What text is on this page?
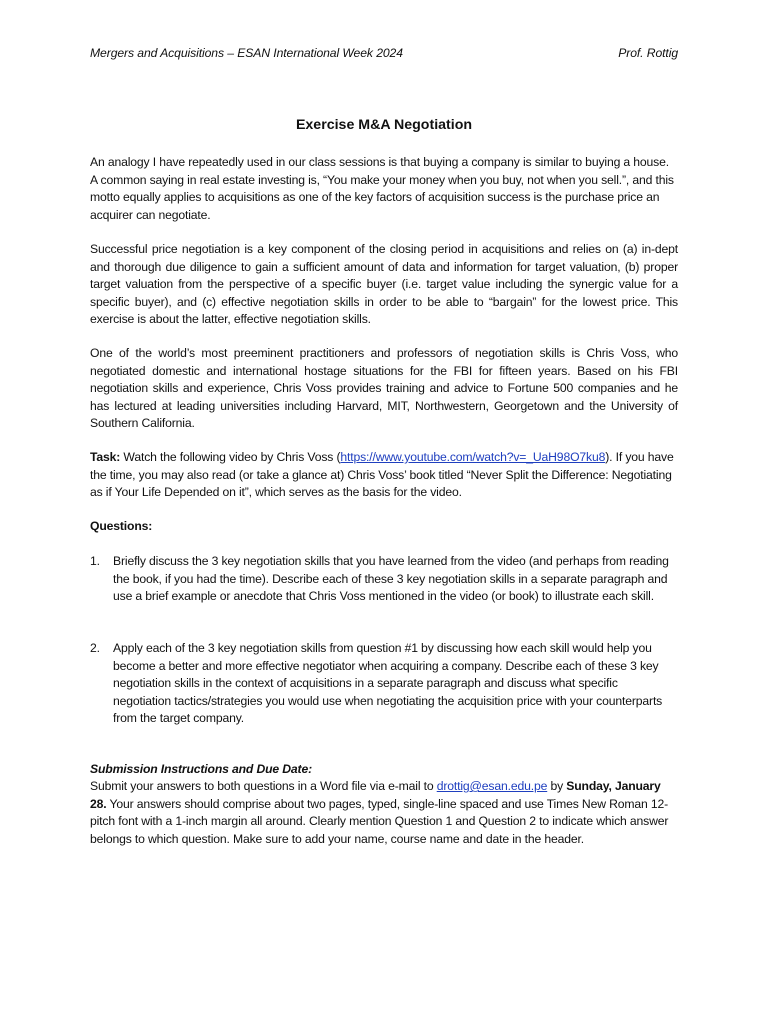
Mergers and Acquisitions – ESAN International Week 2024	Prof. Rottig
Exercise M&A Negotiation

An analogy I have repeatedly used in our class sessions is that buying a company is similar to buying a house. A common saying in real estate investing is, “You make your money when you buy, not when you sell.”, and this motto equally applies to acquisitions as one of the key factors of acquisition success is the purchase price an acquirer can negotiate.

Successful price negotiation is a key component of the closing period in acquisitions and relies on (a) in-dept and thorough due diligence to gain a sufficient amount of data and information for target valuation, (b) proper target valuation from the perspective of a specific buyer (i.e. target value including the synergic value for a specific buyer), and (c) effective negotiation skills in order to be able to “bargain” for the lowest price. This exercise is about the latter, effective negotiation skills.

One of the world’s most preeminent practitioners and professors of negotiation skills is Chris Voss, who negotiated domestic and international hostage situations for the FBI for fifteen years. Based on his FBI negotiation skills and experience, Chris Voss provides training and advice to Fortune 500 companies and he has lectured at leading universities including Harvard, MIT, Northwestern, Georgetown and the University of Southern California.

Task: Watch the following video by Chris Voss (https://www.youtube.com/watch?v=_UaH98O7ku8). If you have the time, you may also read (or take a glance at) Chris Voss’ book titled “Never Split the Difference: Negotiating as if Your Life Depended on it”, which serves as the basis for the video.

Questions:

1. Briefly discuss the 3 key negotiation skills that you have learned from the video (and perhaps from reading the book, if you had the time). Describe each of these 3 key negotiation skills in a separate paragraph and use a brief example or anecdote that Chris Voss mentioned in the video (or book) to illustrate each skill.
2. Apply each of the 3 key negotiation skills from question #1 by discussing how each skill would help you become a better and more effective negotiator when acquiring a company. Describe each of these 3 key negotiation skills in the context of acquisitions in a separate paragraph and discuss what specific negotiation tactics/strategies you would use when negotiating the acquisition price with your counterparts from the target company.

Submission Instructions and Due Date:

Submit your answers to both questions in a Word file via e-mail to drottig@esan.edu.pe by Sunday, January 28. Your answers should comprise about two pages, typed, single-line spaced and use Times New Roman 12-pitch font with a 1-inch margin all around. Clearly mention Question 1 and Question 2 to indicate which answer belongs to which question. Make sure to add your name, course name and date in the header.
